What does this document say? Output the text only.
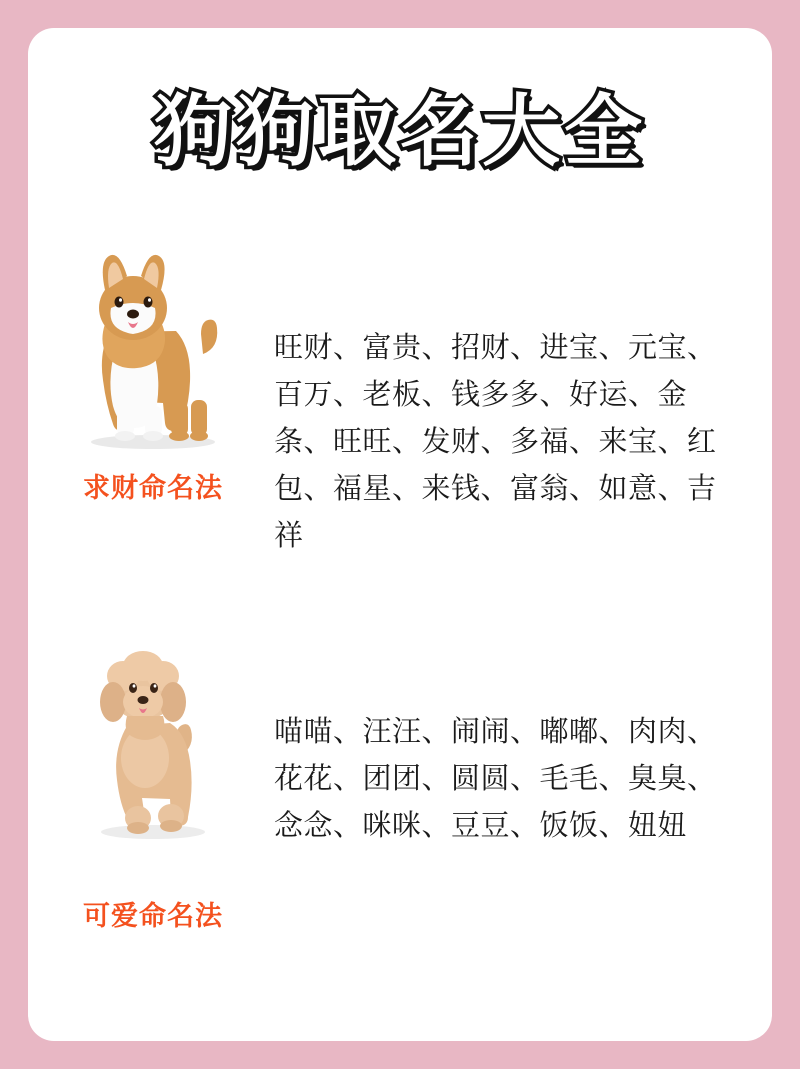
狗狗取名大全
求财命名法
旺财、富贵、招财、进宝、元宝、百万、老板、钱多多、好运、金条、旺旺、发财、多福、来宝、红包、福星、来钱、富翁、如意、吉祥
可爱命名法
喵喵、汪汪、闹闹、嘟嘟、肉肉、花花、团团、圆圆、毛毛、臭臭、念念、咪咪、豆豆、饭饭、妞妞
